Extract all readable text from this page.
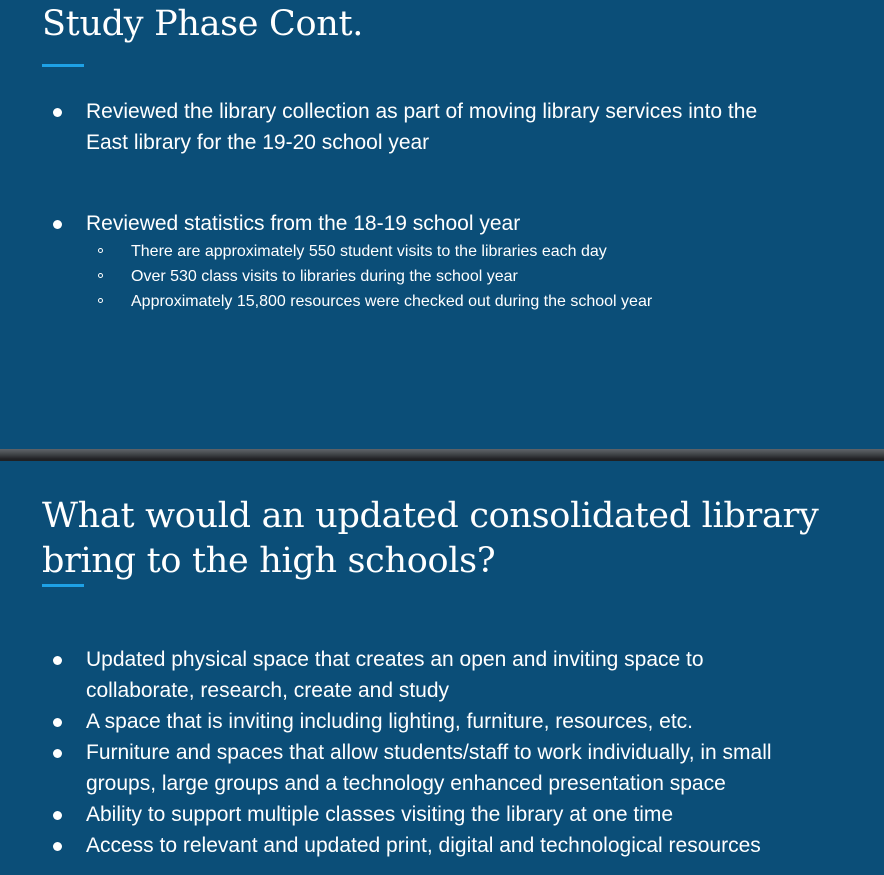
Study Phase Cont.
Reviewed the library collection as part of moving library services into the
East library for the 19-20 school year
Reviewed statistics from the 18-19 school year
There are approximately 550 student visits to the libraries each day
Over 530 class visits to libraries during the school year
Approximately 15,800 resources were checked out during the school year
What would an updated consolidated library
bring to the high schools?
Updated physical space that creates an open and inviting space to
collaborate, research, create and study
A space that is inviting including lighting, furniture, resources, etc.
Furniture and spaces that allow students/staff to work individually, in small
groups, large groups and a technology enhanced presentation space
Ability to support multiple classes visiting the library at one time
Access to relevant and updated print, digital and technological resources
